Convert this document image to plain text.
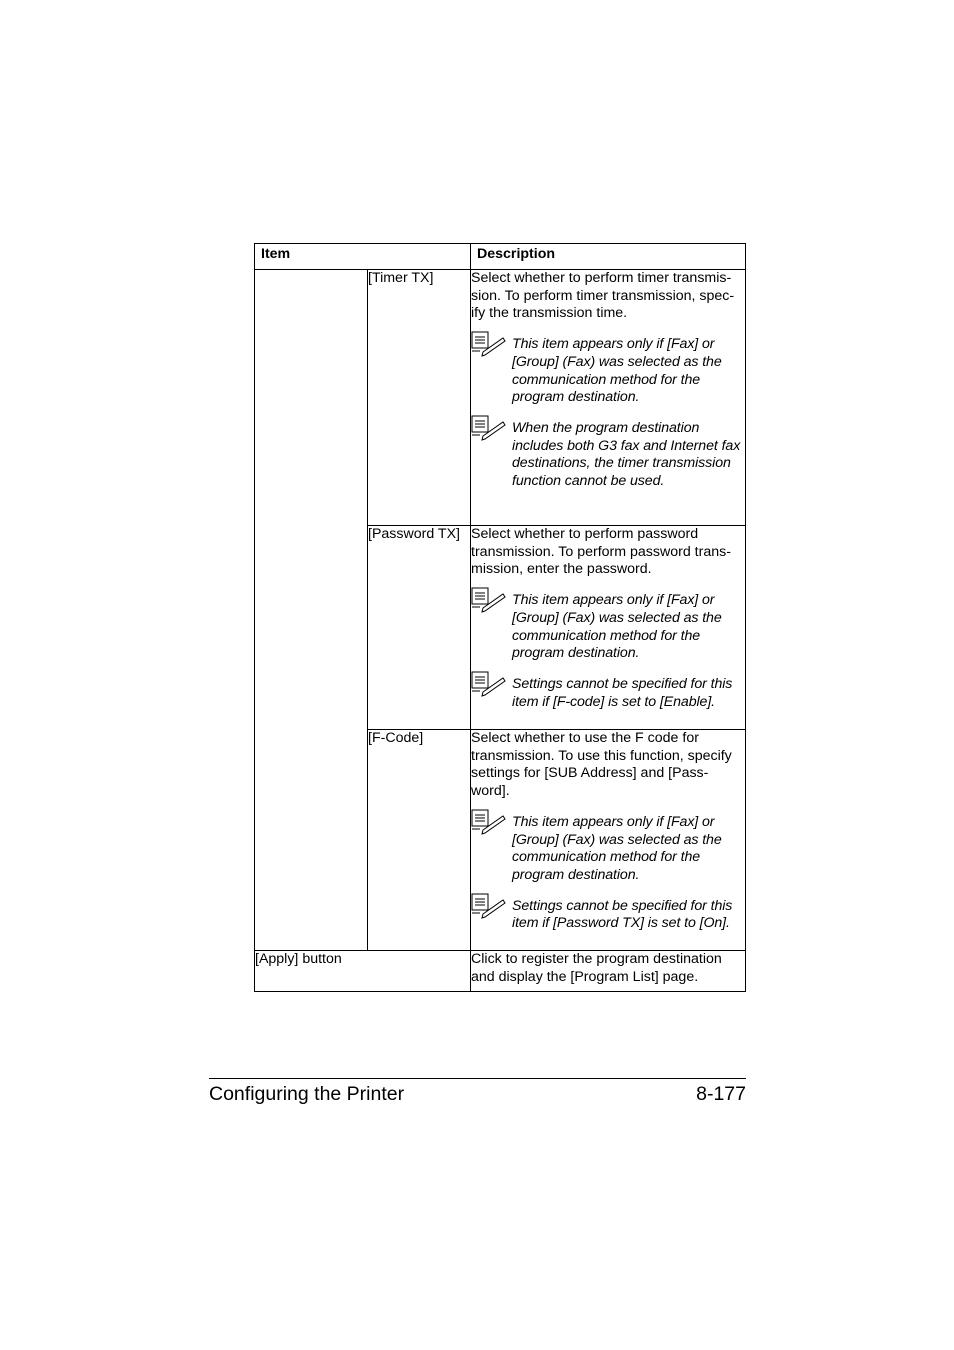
Item		Description
	[Timer TX]	Select whether to perform timer transmis-sion. To perform timer transmission, spec-ify the transmission time.

This item appears only if [Fax] or [Group] (Fax) was selected as the communication method for the program destination.
When the program destination includes both G3 fax and Internet fax destinations, the timer transmission function cannot be used.

	[Password TX]	Select whether to perform password transmission. To perform password trans-mission, enter the password.

This item appears only if [Fax] or [Group] (Fax) was selected as the communication method for the program destination.
Settings cannot be specified for this item if [F-code] is set to [Enable].

	[F-Code]	Select whether to use the F code for transmission. To use this function, specify settings for [SUB Address] and [Pass-word].

This item appears only if [Fax] or [Group] (Fax) was selected as the communication method for the program destination.
Settings cannot be specified for this item if [Password TX] is set to [On].

[Apply] button		Click to register the program destination and display the [Program List] page.
Configuring the Printer	8-177
